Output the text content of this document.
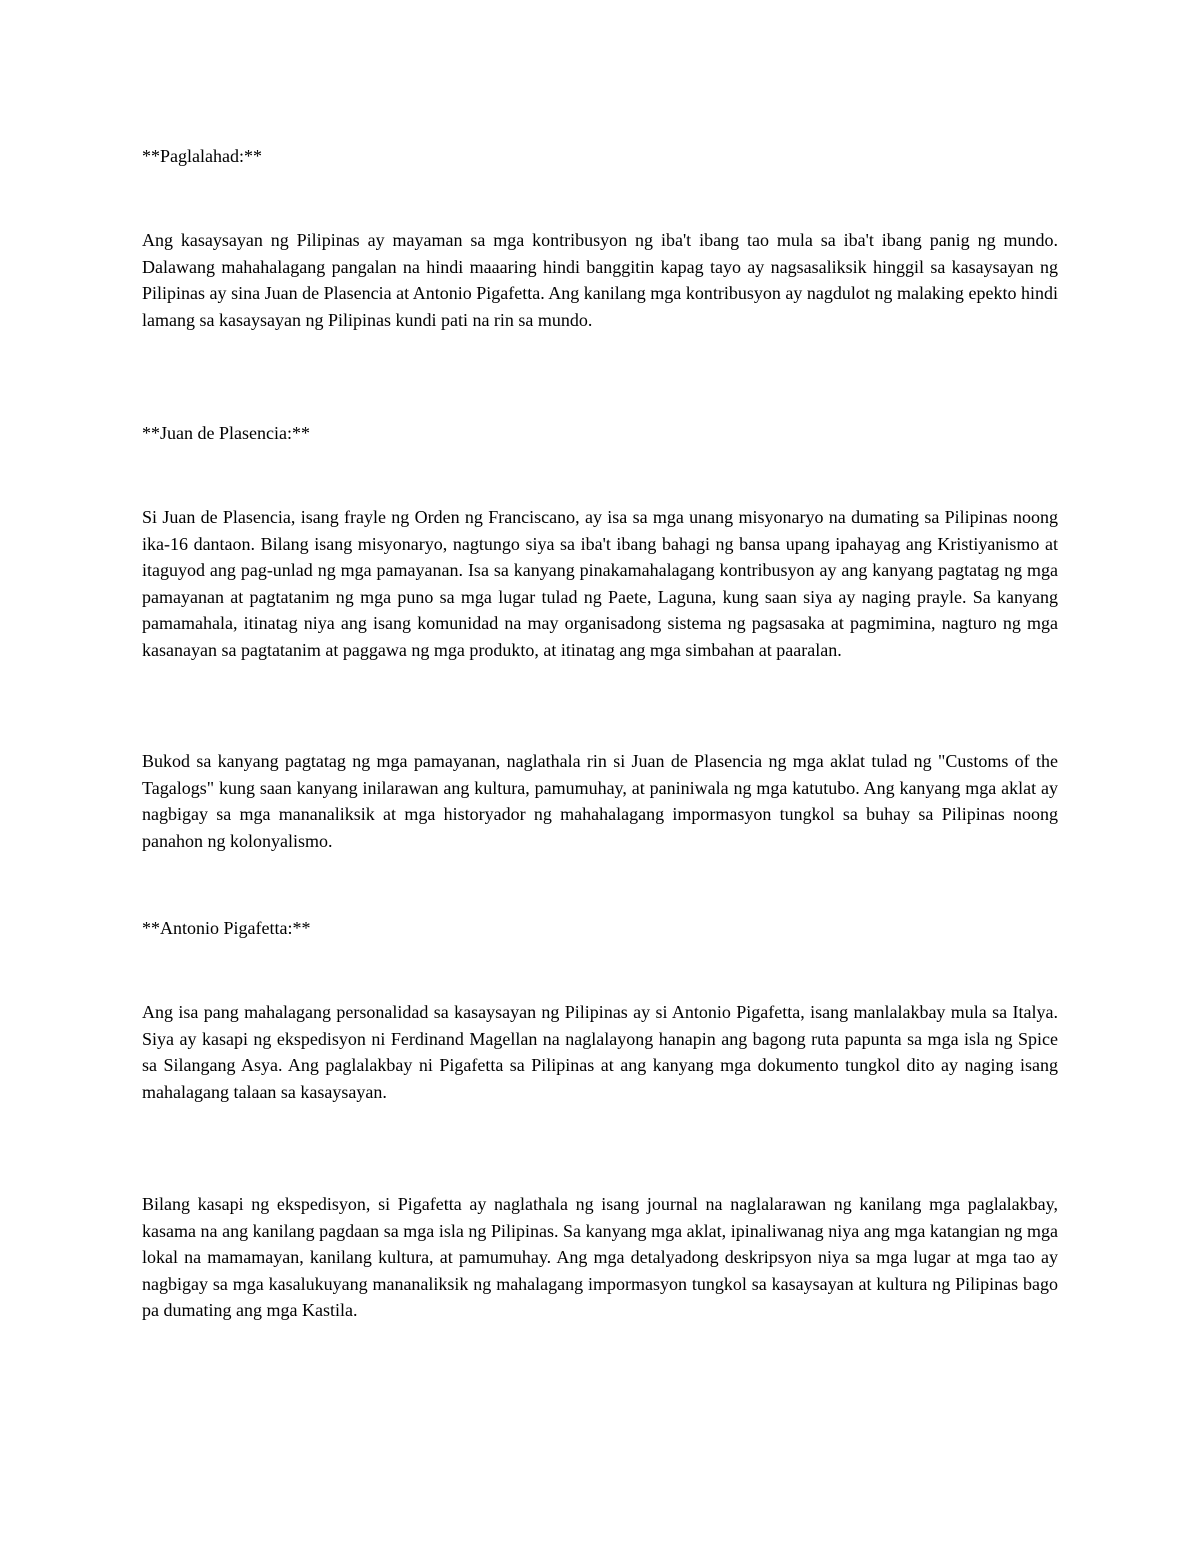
**Paglalahad:**

Ang kasaysayan ng Pilipinas ay mayaman sa mga kontribusyon ng iba't ibang tao mula sa iba't ibang panig ng mundo. Dalawang mahahalagang pangalan na hindi maaaring hindi banggitin kapag tayo ay nagsasaliksik hinggil sa kasaysayan ng Pilipinas ay sina Juan de Plasencia at Antonio Pigafetta. Ang kanilang mga kontribusyon ay nagdulot ng malaking epekto hindi lamang sa kasaysayan ng Pilipinas kundi pati na rin sa mundo.

**Juan de Plasencia:**

Si Juan de Plasencia, isang frayle ng Orden ng Franciscano, ay isa sa mga unang misyonaryo na dumating sa Pilipinas noong ika-16 dantaon. Bilang isang misyonaryo, nagtungo siya sa iba't ibang bahagi ng bansa upang ipahayag ang Kristiyanismo at itaguyod ang pag-unlad ng mga pamayanan. Isa sa kanyang pinakamahalagang kontribusyon ay ang kanyang pagtatag ng mga pamayanan at pagtatanim ng mga puno sa mga lugar tulad ng Paete, Laguna, kung saan siya ay naging prayle. Sa kanyang pamamahala, itinatag niya ang isang komunidad na may organisadong sistema ng pagsasaka at pagmimina, nagturo ng mga kasanayan sa pagtatanim at paggawa ng mga produkto, at itinatag ang mga simbahan at paaralan.

Bukod sa kanyang pagtatag ng mga pamayanan, naglathala rin si Juan de Plasencia ng mga aklat tulad ng "Customs of the Tagalogs" kung saan kanyang inilarawan ang kultura, pamumuhay, at paniniwala ng mga katutubo. Ang kanyang mga aklat ay nagbigay sa mga mananaliksik at mga historyador ng mahahalagang impormasyon tungkol sa buhay sa Pilipinas noong panahon ng kolonyalismo.

**Antonio Pigafetta:**

Ang isa pang mahalagang personalidad sa kasaysayan ng Pilipinas ay si Antonio Pigafetta, isang manlalakbay mula sa Italya. Siya ay kasapi ng ekspedisyon ni Ferdinand Magellan na naglalayong hanapin ang bagong ruta papunta sa mga isla ng Spice sa Silangang Asya. Ang paglalakbay ni Pigafetta sa Pilipinas at ang kanyang mga dokumento tungkol dito ay naging isang mahalagang talaan sa kasaysayan.

Bilang kasapi ng ekspedisyon, si Pigafetta ay naglathala ng isang journal na naglalarawan ng kanilang mga paglalakbay, kasama na ang kanilang pagdaan sa mga isla ng Pilipinas. Sa kanyang mga aklat, ipinaliwanag niya ang mga katangian ng mga lokal na mamamayan, kanilang kultura, at pamumuhay. Ang mga detalyadong deskripsyon niya sa mga lugar at mga tao ay nagbigay sa mga kasalukuyang mananaliksik ng mahalagang impormasyon tungkol sa kasaysayan at kultura ng Pilipinas bago pa dumating ang mga Kastila.
